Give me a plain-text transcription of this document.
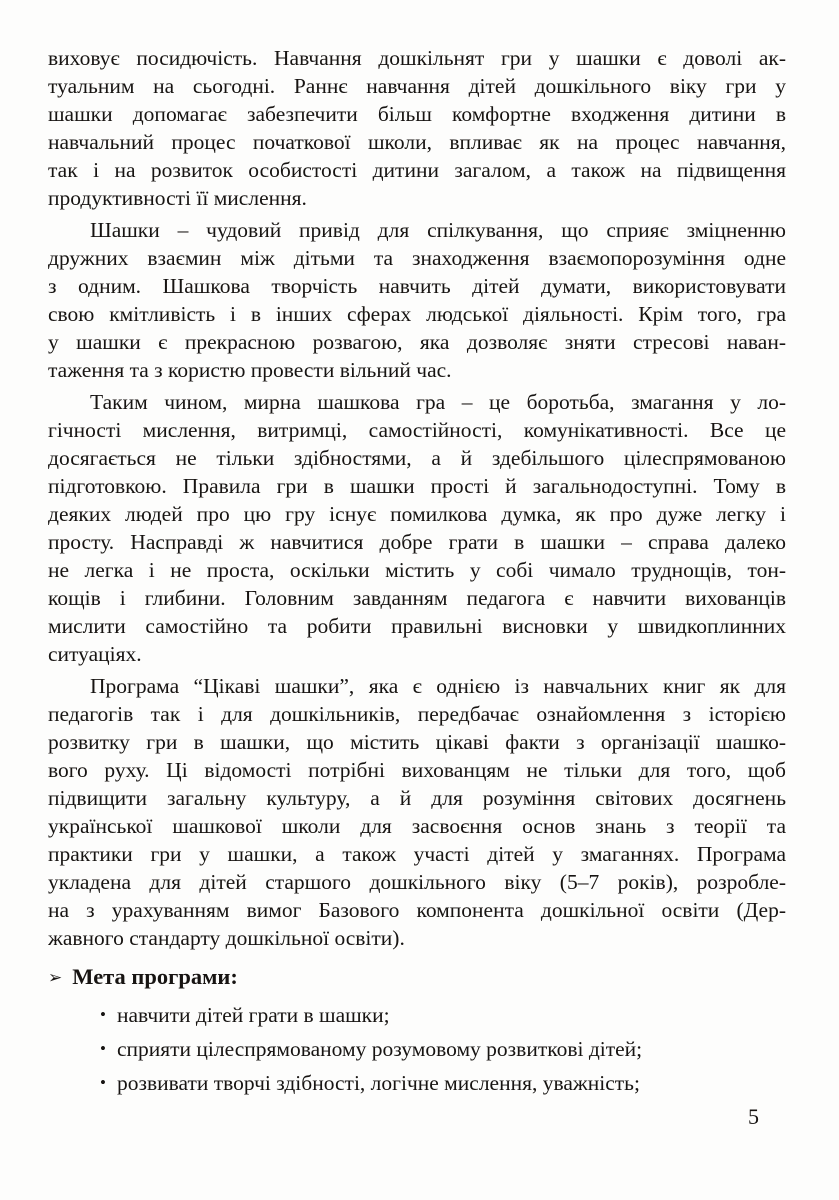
виховує посидючість. Навчання дошкільнят гри у шашки є доволі ак-
туальним на сьогодні. Раннє навчання дітей дошкільного віку гри у
шашки допомагає забезпечити більш комфортне входження дитини в
навчальний процес початкової школи, впливає як на процес навчання,
так і на розвиток особистості дитини загалом, а також на підвищення
продуктивності її мислення.
Шашки – чудовий привід для спілкування, що сприяє зміцненню
дружних взаємин між дітьми та знаходження взаємопорозуміння одне
з одним. Шашкова творчість навчить дітей думати, використовувати
свою кмітливість і в інших сферах людської діяльності. Крім того, гра
у шашки є прекрасною розвагою, яка дозволяє зняти стресові наван-
таження та з користю провести вільний час.
Таким чином, мирна шашкова гра – це боротьба, змагання у ло-
гічності мислення, витримці, самостійності, комунікативності. Все це
досягається не тільки здібностями, а й здебільшого цілеспрямованою
підготовкою. Правила гри в шашки прості й загальнодоступні. Тому в
деяких людей про цю гру існує помилкова думка, як про дуже легку і
просту. Насправді ж навчитися добре грати в шашки – справа далеко
не легка і не проста, оскільки містить у собі чимало труднощів, тон-
кощів і глибини. Головним завданням педагога є навчити вихованців
мислити самостійно та робити правильні висновки у швидкоплинних
ситуаціях.
Програма “Цікаві шашки”, яка є однією із навчальних книг як для
педагогів так і для дошкільників, передбачає ознайомлення з історією
розвитку гри в шашки, що містить цікаві факти з організації шашко-
вого руху. Ці відомості потрібні вихованцям не тільки для того, щоб
підвищити загальну культуру, а й для розуміння світових досягнень
української шашкової школи для засвоєння основ знань з теорії та
практики гри у шашки, а також участі дітей у змаганнях. Програма
укладена для дітей старшого дошкільного віку (5–7 років), розробле-
на з урахуванням вимог Базового компонента дошкільної освіти (Дер-
жавного стандарту дошкільної освіти).
➢ Мета програми:
• навчити дітей грати в шашки;
• сприяти цілеспрямованому розумовому розвиткові дітей;
• розвивати творчі здібності, логічне мислення, уважність;
5
